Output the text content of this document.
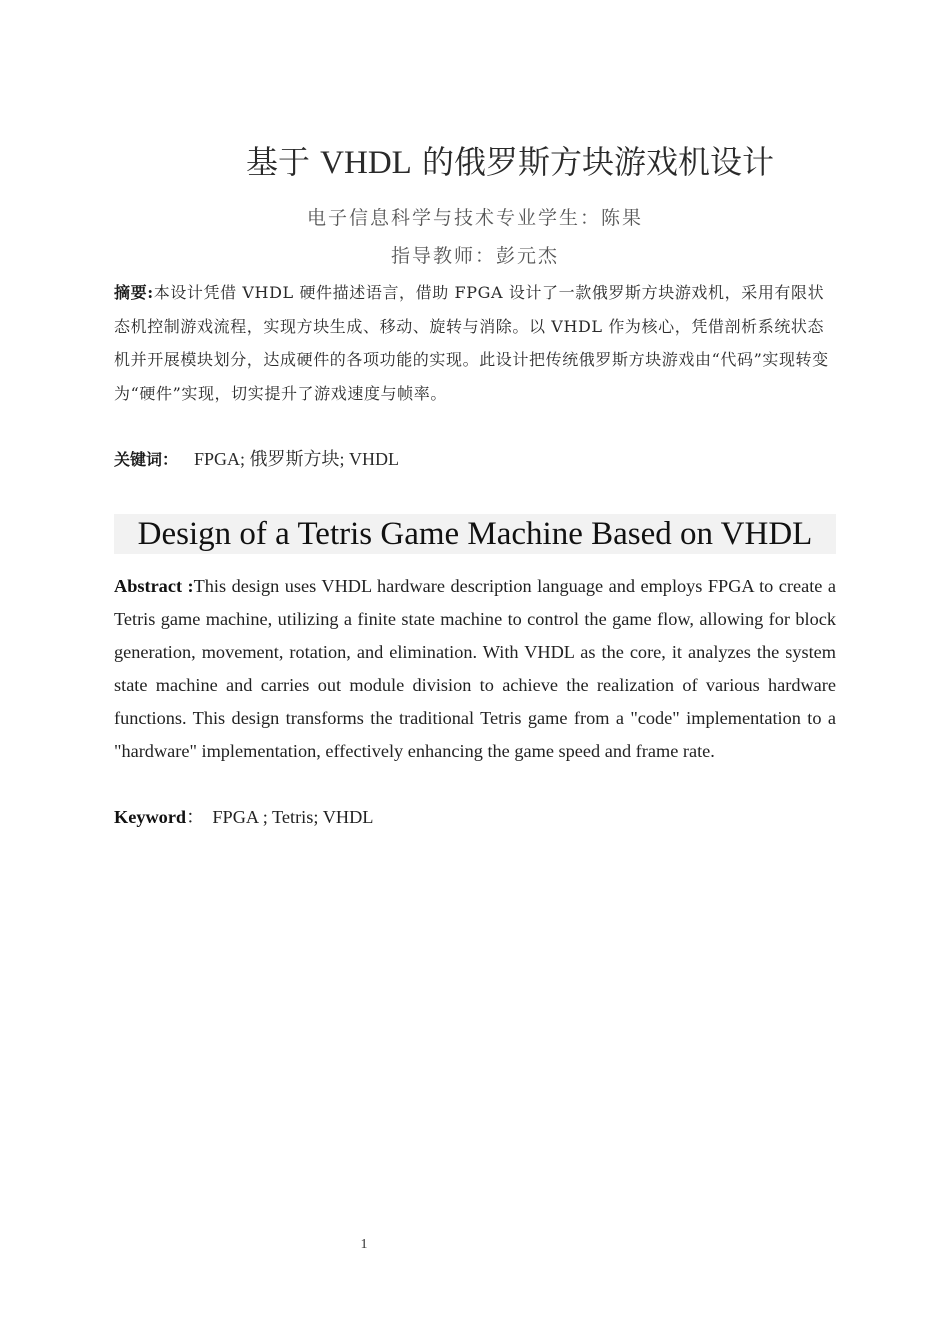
基于 VHDL 的俄罗斯方块游戏机设计
电子信息科学与技术专业学生：陈果
指导教师：彭元杰
摘要:本设计凭借 VHDL 硬件描述语言，借助 FPGA 设计了一款俄罗斯方块游戏机，采用有限状态机控制游戏流程，实现方块生成、移动、旋转与消除。以 VHDL 作为核心，凭借剖析系统状态机并开展模块划分，达成硬件的各项功能的实现。此设计把传统俄罗斯方块游戏由“代码”实现转变为“硬件”实现，切实提升了游戏速度与帧率。
关键词： FPGA; 俄罗斯方块; VHDL
Design of a Tetris Game Machine Based on VHDL
Abstract :This design uses VHDL hardware description language and employs FPGA to create a Tetris game machine, utilizing a finite state machine to control the game flow, allowing for block generation, movement, rotation, and elimination. With VHDL as the core, it analyzes the system state machine and carries out module division to achieve the realization of various hardware functions. This design transforms the traditional Tetris game from a "code" implementation to a "hardware" implementation, effectively enhancing the game speed and frame rate.
Keyword： FPGA ; Tetris; VHDL
1
